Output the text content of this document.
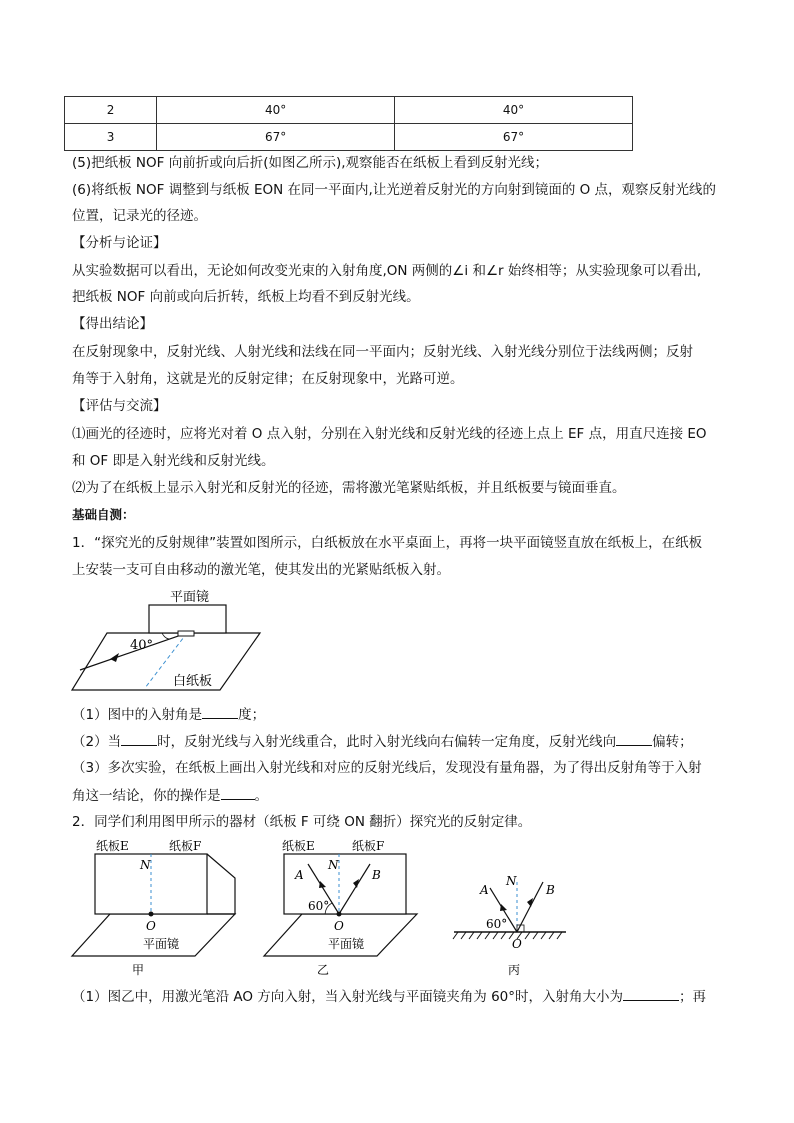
2	40°	40°
3	67°	67°
(5)把纸板 NOF 向前折或向后折(如图乙所示),观察能否在纸板上看到反射光线；
(6)将纸板 NOF 调整到与纸板 EON 在同一平面内,让光逆着反射光的方向射到镜面的 O 点，观察反射光线的
位置，记录光的径迹。
【分析与论证】
从实验数据可以看出，无论如何改变光束的入射角度,ON 两侧的∠i 和∠r 始终相等；从实验现象可以看出,
把纸板 NOF 向前或向后折转，纸板上均看不到反射光线。
【得出结论】
在反射现象中，反射光线、人射光线和法线在同一平面内；反射光线、入射光线分别位于法线两侧；反射
角等于入射角，这就是光的反射定律；在反射现象中，光路可逆。
【评估与交流】
⑴画光的径迹时，应将光对着 O 点入射，分别在入射光线和反射光线的径迹上点上 EF 点，用直尺连接 EO
和 OF 即是入射光线和反射光线。
⑵为了在纸板上显示入射光和反射光的径迹，需将激光笔紧贴纸板，并且纸板要与镜面垂直。
基础自测：
1．“探究光的反射规律”装置如图所示，白纸板放在水平桌面上，再将一块平面镜竖直放在纸板上，在纸板
上安装一支可自由移动的激光笔，使其发出的光紧贴纸板入射。
40°
平面镜
白纸板
（1）图中的入射角是	度；
（2）当	时，反射光线与入射光线重合，此时入射光线向右偏转一定角度，反射光线向	偏转；
（3）多次实验，在纸板上画出入射光线和对应的反射光线后，发现没有量角器，为了得出反射角等于入射
角这一结论，你的操作是	。
2．同学们利用图甲所示的器材（纸板 F 可绕 ON 翻折）探究光的反射定律。
纸板E	纸板F
N
O
平面镜
甲
纸板E	纸板F
A
N
B
60°
O
平面镜
乙
A
N
B
60°
O
丙
（1）图乙中，用激光笔沿 AO 方向入射，当入射光线与平面镜夹角为 60°时，入射角大小为	；再
